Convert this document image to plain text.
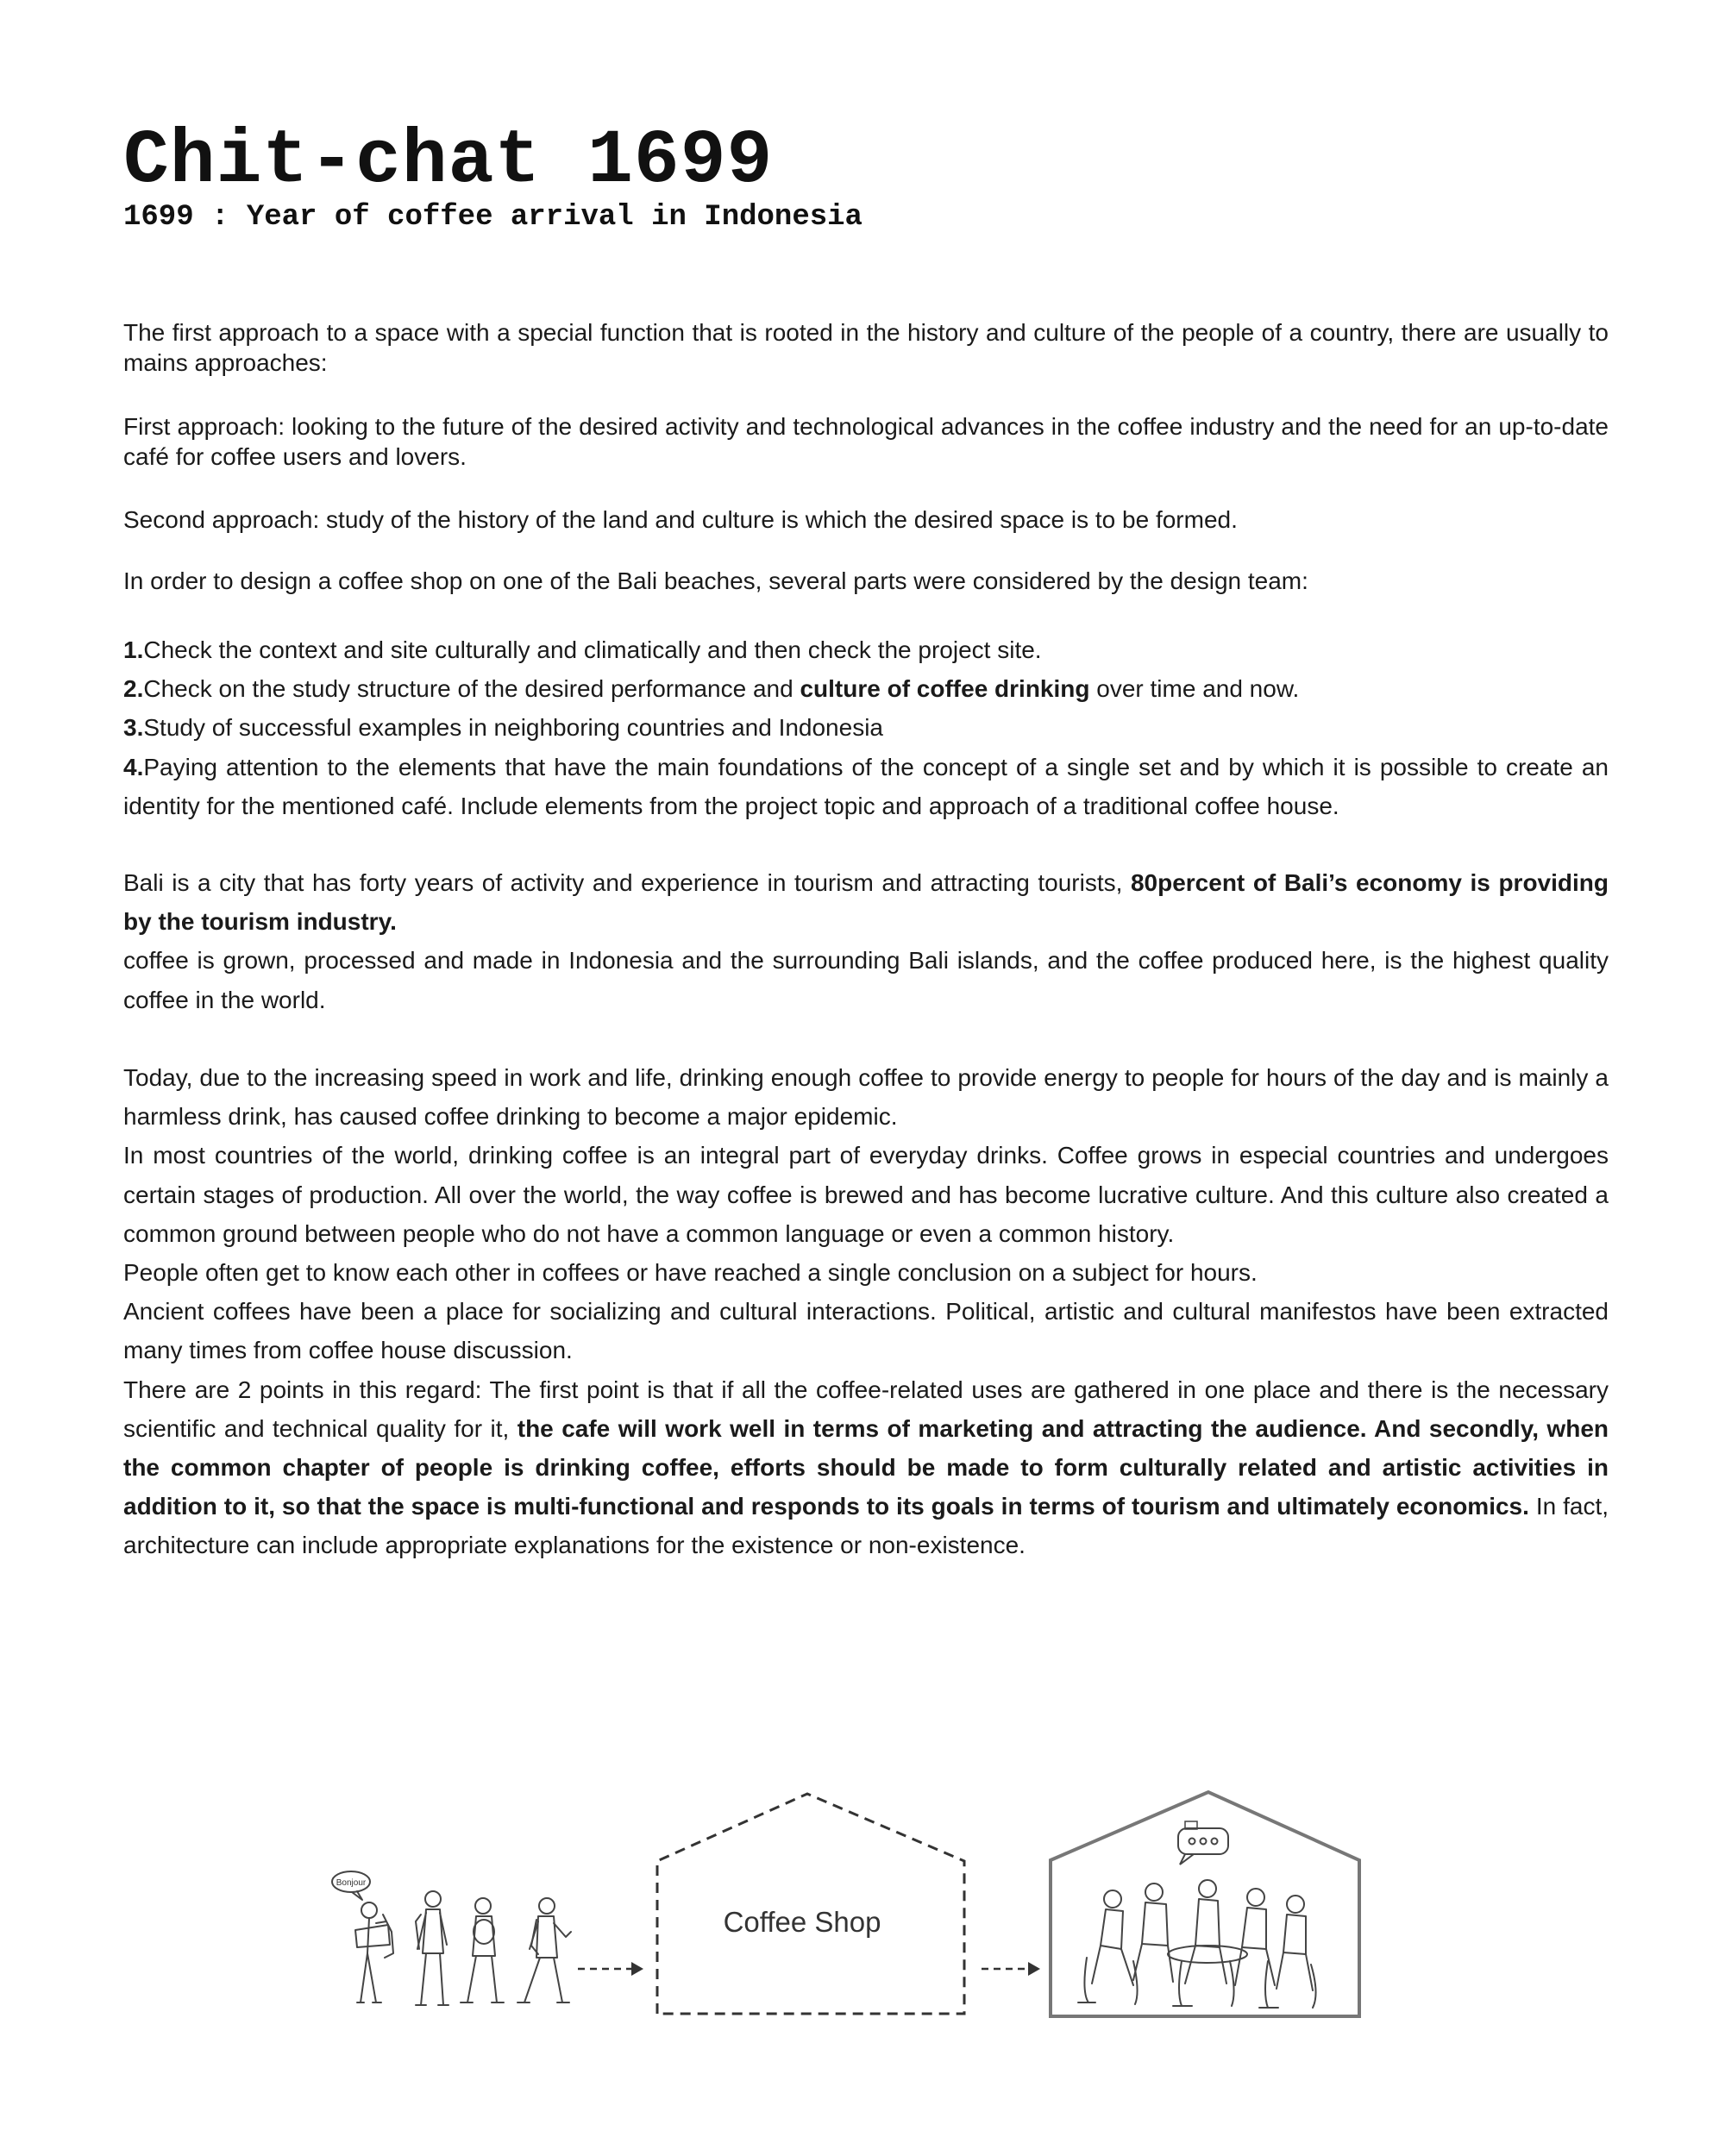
Chit-chat 1699
1699 : Year of coffee arrival in Indonesia

The first approach to a space with a special function that is rooted in the history and culture of the people of a country, there are usually to mains approaches:

First approach: looking to the future of the desired activity and technological advances in the coffee industry and the need for an up-to-date café for coffee users and lovers.

Second approach: study of the history of the land and culture is which the desired space is to be formed.

In order to design a coffee shop on one of the Bali beaches, several parts were considered by the design team:

1.Check the context and site culturally and climatically and then check the project site.

2.Check on the study structure of the desired performance and culture of coffee drinking over time and now.

3.Study of successful examples in neighboring countries and Indonesia

4.Paying attention to the elements that have the main foundations of the concept of a single set and by which it is possible to create an identity for the mentioned café. Include elements from the project topic and approach of a traditional coffee house.

Bali is a city that has forty years of activity and experience in tourism and attracting tourists, 80percent of Bali’s economy is providing by the tourism industry.

coffee is grown, processed and made in Indonesia and the surrounding Bali islands, and the coffee produced here, is the highest quality coffee in the world.

Today, due to the increasing speed in work and life, drinking enough coffee to provide energy to people for hours of the day and is mainly a harmless drink, has caused coffee drinking to become a major epidemic.

In most countries of the world, drinking coffee is an integral part of everyday drinks. Coffee grows in especial countries and undergoes certain stages of production. All over the world, the way coffee is brewed and has become lucrative culture. And this culture also created a common ground between people who do not have a common language or even a common history.

People often get to know each other in coffees or have reached a single conclusion on a subject for hours.

Ancient coffees have been a place for socializing and cultural interactions. Political, artistic and cultural manifestos have been extracted many times from coffee house discussion.

There are 2 points in this regard: The first point is that if all the coffee-related uses are gathered in one place and there is the necessary scientific and technical quality for it, the cafe will work well in terms of marketing and attracting the audience. And secondly, when the common chapter of people is drinking coffee, efforts should be made to form culturally related and artistic activities in addition to it, so that the space is multi-functional and responds to its goals in terms of tourism and ultimately economics. In fact, architecture can include appropriate explanations for the existence or non-existence.

Bonjour
Coffee Shop
